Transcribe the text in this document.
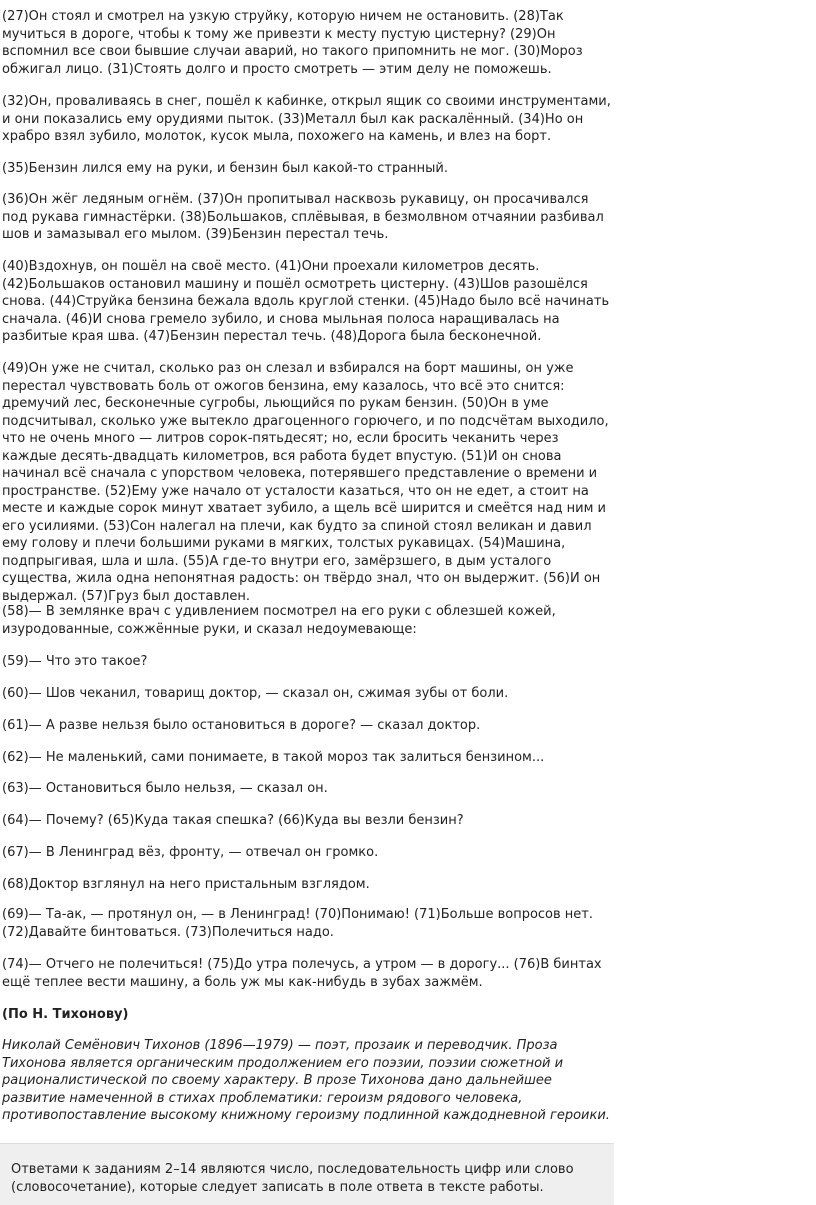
(27)Он стоял и смотрел на узкую струйку, которую ничем не остановить. (28)Так мучиться в дороге, чтобы к тому же привезти к месту пустую цистерну? (29)Он вспомнил все свои бывшие случаи аварий, но такого припомнить не мог. (30)Мороз обжигал лицо. (31)Стоять долго и просто смотреть — этим делу не поможешь.

(32)Он, проваливаясь в снег, пошёл к кабинке, открыл ящик со своими инструментами, и они показались ему орудиями пыток. (33)Металл был как раскалённый. (34)Но он храбро взял зубило, молоток, кусок мыла, похожего на камень, и влез на борт.

(35)Бензин лился ему на руки, и бензин был какой-то странный.

(36)Он жёг ледяным огнём. (37)Он пропитывал насквозь рукавицу, он просачивался под рукава гимнастёрки. (38)Большаков, сплёвывая, в безмолвном отчаянии разбивал шов и замазывал его мылом. (39)Бензин перестал течь.

(40)Вздохнув, он пошёл на своё место. (41)Они проехали километров десять. (42)Большаков остановил машину и пошёл осмотреть цистерну. (43)Шов разошёлся снова. (44)Струйка бензина бежала вдоль круглой стенки. (45)Надо было всё начинать сначала. (46)И снова гремело зубило, и снова мыльная полоса наращивалась на разбитые края шва. (47)Бензин перестал течь. (48)Дорога была бесконечной.

(49)Он уже не считал, сколько раз он слезал и взбирался на борт машины, он уже перестал чувствовать боль от ожогов бензина, ему казалось, что всё это снится: дремучий лес, бесконечные сугробы, льющийся по рукам бензин. (50)Он в уме подсчитывал, сколько уже вытекло драгоценного горючего, и по подсчётам выходило, что не очень много — литров сорок-пятьдесят; но, если бросить чеканить через каждые десять-двадцать километров, вся работа будет впустую. (51)И он снова начинал всё сначала с упорством человека, потерявшего представление о времени и пространстве. (52)Ему уже начало от усталости казаться, что он не едет, а стоит на месте и каждые сорок минут хватает зубило, а щель всё ширится и смеётся над ним и его усилиями. (53)Сон налегал на плечи, как будто за спиной стоял великан и давил ему голову и плечи большими руками в мягких, толстых рукавицах. (54)Машина, подпрыгивая, шла и шла. (55)А где-то внутри его, замёрзшего, в дым усталого существа, жила одна непонятная радость: он твёрдо знал, что он выдержит. (56)И он выдержал. (57)Груз был доставлен.

(58)— В землянке врач с удивлением посмотрел на его руки с облезшей кожей, изуродованные, сожжённые руки, и сказал недоумевающе:

(59)— Что это такое?

(60)— Шов чеканил, товарищ доктор, — сказал он, сжимая зубы от боли.

(61)— А разве нельзя было остановиться в дороге? — сказал доктор.

(62)— Не маленький, сами понимаете, в такой мороз так залиться бензином...

(63)— Остановиться было нельзя, — сказал он.

(64)— Почему? (65)Куда такая спешка? (66)Куда вы везли бензин?

(67)— В Ленинград вёз, фронту, — отвечал он громко.

(68)Доктор взглянул на него пристальным взглядом.

(69)— Та-ак, — протянул он, — в Ленинград! (70)Понимаю! (71)Больше вопросов нет. (72)Давайте бинтоваться. (73)Полечиться надо.

(74)— Отчего не полечиться! (75)До утра полечусь, а утром — в дорогу... (76)В бинтах ещё теплее вести машину, а боль уж мы как-нибудь в зубах зажмём.

(По Н. Тихонову)

Николай Семёнович Тихонов (1896—1979) — поэт, прозаик и переводчик. Проза Тихонова является органическим продолжением его поэзии, поэзии сюжетной и рационалистической по своему характеру. В прозе Тихонова дано дальнейшее развитие намеченной в стихах проблематики: героизм рядового человека, противопоставление высокому книжному героизму подлинной каждодневной героики.

Ответами к заданиям 2–14 являются число, последовательность цифр или слово (словосочетание), которые следует записать в поле ответа в тексте работы.
